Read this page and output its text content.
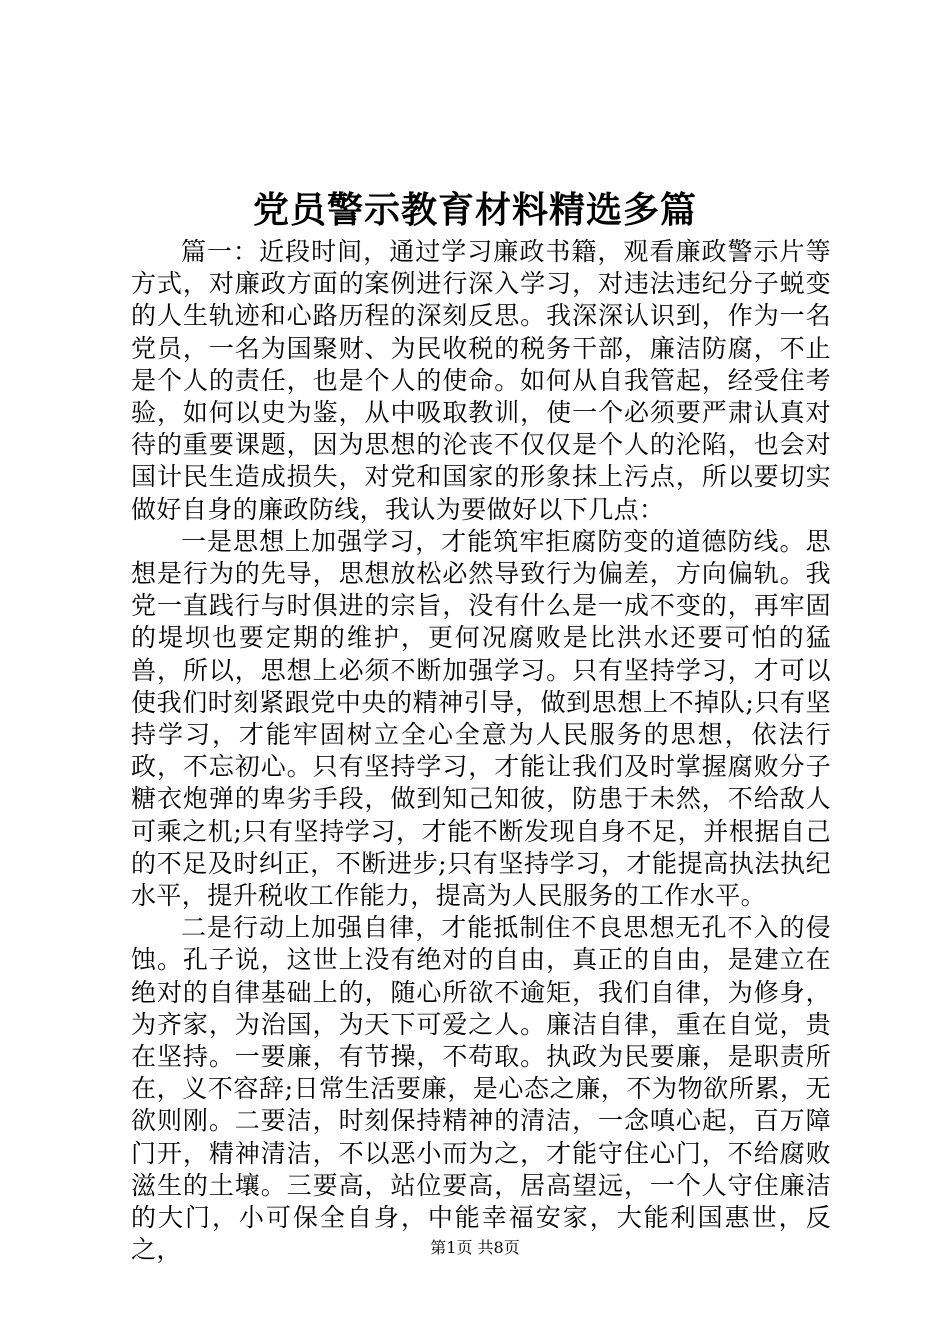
党员警示教育材料精选多篇

篇一：近段时间，通过学习廉政书籍，观看廉政警示片等方式，对廉政方面的案例进行深入学习，对违法违纪分子蜕变的人生轨迹和心路历程的深刻反思。我深深认识到，作为一名党员，一名为国聚财、为民收税的税务干部，廉洁防腐，不止是个人的责任，也是个人的使命。如何从自我管起，经受住考验，如何以史为鉴，从中吸取教训，使一个必须要严肃认真对待的重要课题，因为思想的沦丧不仅仅是个人的沦陷，也会对国计民生造成损失，对党和国家的形象抹上污点，所以要切实做好自身的廉政防线，我认为要做好以下几点：

一是思想上加强学习，才能筑牢拒腐防变的道德防线。思想是行为的先导，思想放松必然导致行为偏差，方向偏轨。我党一直践行与时俱进的宗旨，没有什么是一成不变的，再牢固的堤坝也要定期的维护，更何况腐败是比洪水还要可怕的猛兽，所以，思想上必须不断加强学习。只有坚持学习，才可以使我们时刻紧跟党中央的精神引导，做到思想上不掉队;只有坚持学习，才能牢固树立全心全意为人民服务的思想，依法行政，不忘初心。只有坚持学习，才能让我们及时掌握腐败分子糖衣炮弹的卑劣手段，做到知己知彼，防患于未然，不给敌人可乘之机;只有坚持学习，才能不断发现自身不足，并根据自己的不足及时纠正，不断进步;只有坚持学习，才能提高执法执纪水平，提升税收工作能力，提高为人民服务的工作水平。

二是行动上加强自律，才能抵制住不良思想无孔不入的侵蚀。孔子说，这世上没有绝对的自由，真正的自由，是建立在绝对的自律基础上的，随心所欲不逾矩，我们自律，为修身，为齐家，为治国，为天下可爱之人。廉洁自律，重在自觉，贵在坚持。一要廉，有节操，不苟取。执政为民要廉，是职责所在，义不容辞;日常生活要廉，是心态之廉，不为物欲所累，无欲则刚。二要洁，时刻保持精神的清洁，一念嗔心起，百万障门开，精神清洁，不以恶小而为之，才能守住心门，不给腐败滋生的土壤。三要高，站位要高，居高望远，一个人守住廉洁的大门，小可保全自身，中能幸福安家，大能利国惠世，反之，	第1页 共8页
